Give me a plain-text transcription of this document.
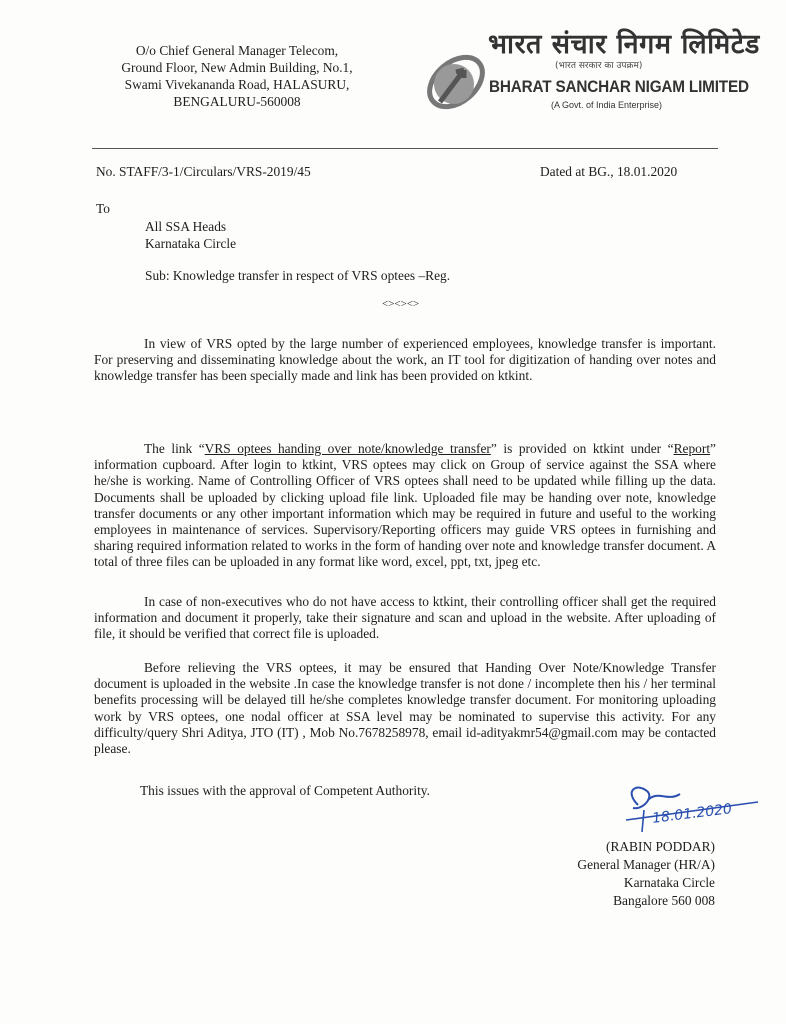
O/o Chief General Manager Telecom,
Ground Floor, New Admin Building, No.1,
Swami Vivekananda Road, HALASURU,
BENGALURU-560008
भारत संचार निगम लिमिटेड
(भारत सरकार का उपक्रम)
BHARAT SANCHAR NIGAM LIMITED
(A Govt. of India Enterprise)
No. STAFF/3-1/Circulars/VRS-2019/45	Dated at BG., 18.01.2020
To
All SSA Heads
Karnataka Circle
Sub: Knowledge transfer in respect of VRS optees –Reg.
<><><>
In view of VRS opted by the large number of experienced employees, knowledge transfer is important. For preserving and disseminating knowledge about the work, an IT tool for digitization of handing over notes and knowledge transfer has been specially made and link has been provided on ktkint.
The link “VRS optees handing over note/knowledge transfer” is provided on ktkint under “Report” information cupboard. After login to ktkint, VRS optees may click on Group of service against the SSA where he/she is working. Name of Controlling Officer of VRS optees shall need to be updated while filling up the data. Documents shall be uploaded by clicking upload file link. Uploaded file may be handing over note, knowledge transfer documents or any other important information which may be required in future and useful to the working employees in maintenance of services. Supervisory/Reporting officers may guide VRS optees in furnishing and sharing required information related to works in the form of handing over note and knowledge transfer document. A total of three files can be uploaded in any format like word, excel, ppt, txt, jpeg etc.
In case of non-executives who do not have access to ktkint, their controlling officer shall get the required information and document it properly, take their signature and scan and upload in the website. After uploading of file, it should be verified that correct file is uploaded.
Before relieving the VRS optees, it may be ensured that Handing Over Note/Knowledge Transfer document is uploaded in the website .In case the knowledge transfer is not done / incomplete then his / her terminal benefits processing will be delayed till he/she completes knowledge transfer document. For monitoring uploading work by VRS optees, one nodal officer at SSA level may be nominated to supervise this activity. For any difficulty/query Shri Aditya, JTO (IT) , Mob No.7678258978, email id-adityakmr54@gmail.com may be contacted please.
This issues with the approval of Competent Authority.
18.01.2020
(RABIN PODDAR)
General Manager (HR/A)
Karnataka Circle
Bangalore 560 008
